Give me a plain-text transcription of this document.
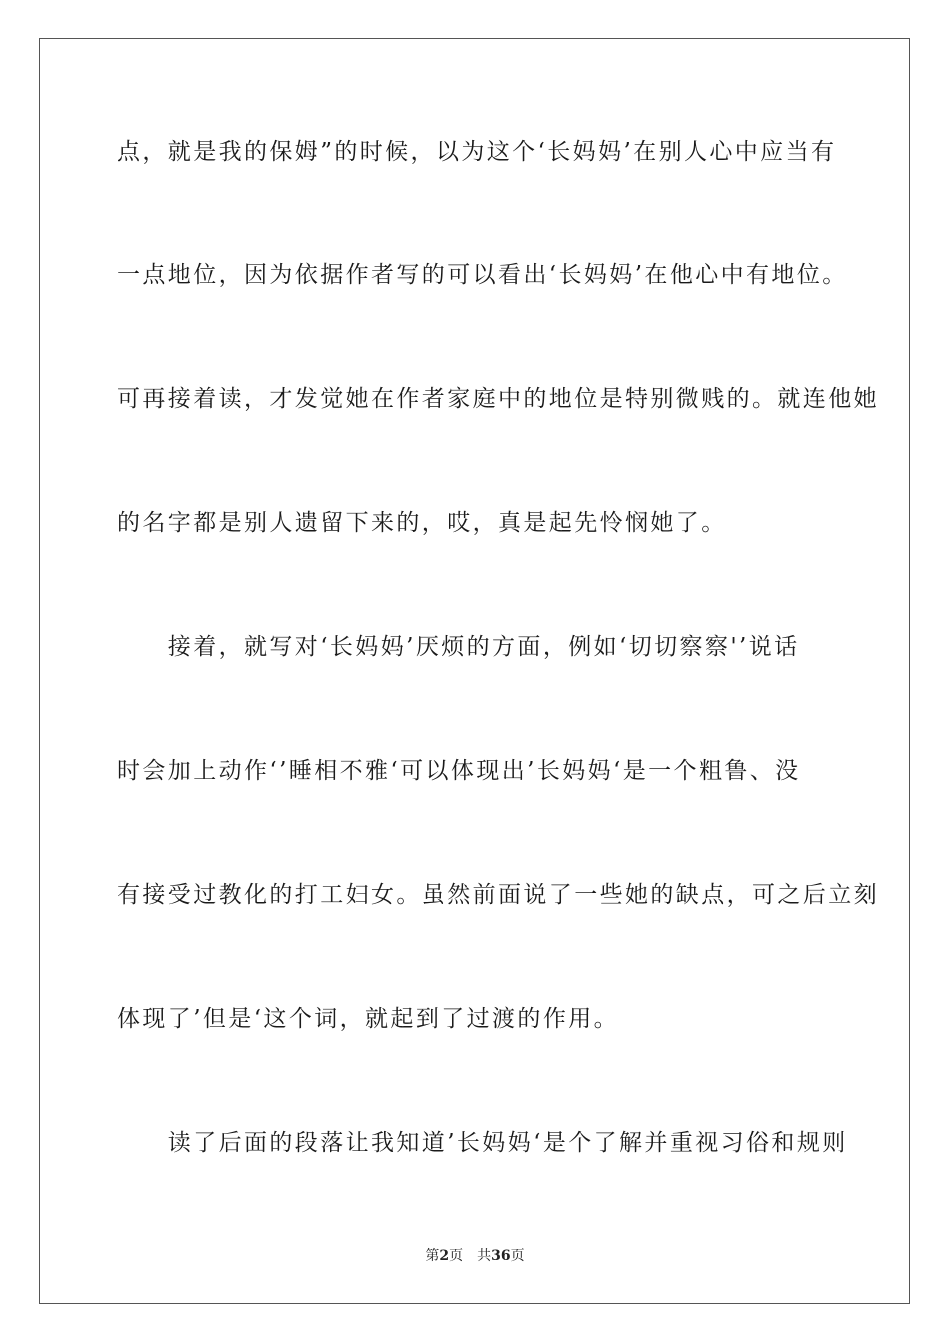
点，就是我的保姆”的时候，以为这个‘长妈妈’在别人心中应当有
一点地位，因为依据作者写的可以看出‘长妈妈’在他心中有地位。
可再接着读，才发觉她在作者家庭中的地位是特别微贱的。就连他她
的名字都是别人遗留下来的，哎，真是起先怜悯她了。
　　接着，就写对‘长妈妈’厌烦的方面，例如‘切切察察'’说话
时会加上动作‘’睡相不雅‘可以体现出’长妈妈‘是一个粗鲁、没
有接受过教化的打工妇女。虽然前面说了一些她的缺点，可之后立刻
体现了’但是‘这个词，就起到了过渡的作用。
　　读了后面的段落让我知道’长妈妈‘是个了解并重视习俗和规则
第2页 共36页
